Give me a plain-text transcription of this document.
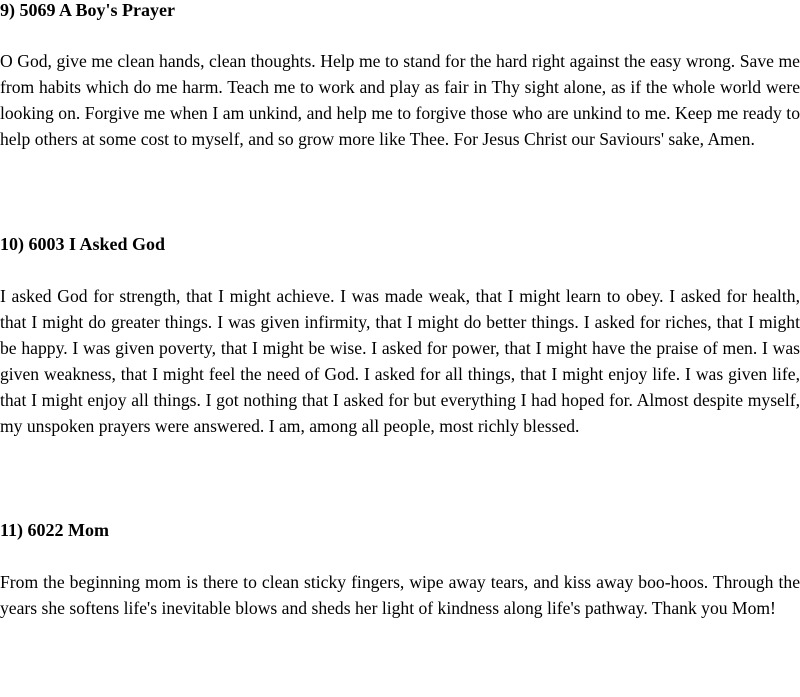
9) 5069 A Boy's Prayer
O God, give me clean hands, clean thoughts. Help me to stand for the hard right against the easy wrong. Save me from habits which do me harm. Teach me to work and play as fair in Thy sight alone, as if the whole world were looking on. Forgive me when I am unkind, and help me to forgive those who are unkind to me. Keep me ready to help others at some cost to myself, and so grow more like Thee. For Jesus Christ our Saviours' sake, Amen.
10) 6003 I Asked God
I asked God for strength, that I might achieve. I was made weak, that I might learn to obey. I asked for health, that I might do greater things. I was given infirmity, that I might do better things. I asked for riches, that I might be happy. I was given poverty, that I might be wise. I asked for power, that I might have the praise of men. I was given weakness, that I might feel the need of God. I asked for all things, that I might enjoy life. I was given life, that I might enjoy all things. I got nothing that I asked for but everything I had hoped for. Almost despite myself, my unspoken prayers were answered. I am, among all people, most richly blessed.
11) 6022 Mom
From the beginning mom is there to clean sticky fingers, wipe away tears, and kiss away boo-hoos. Through the years she softens life's inevitable blows and sheds her light of kindness along life's pathway. Thank you Mom!
